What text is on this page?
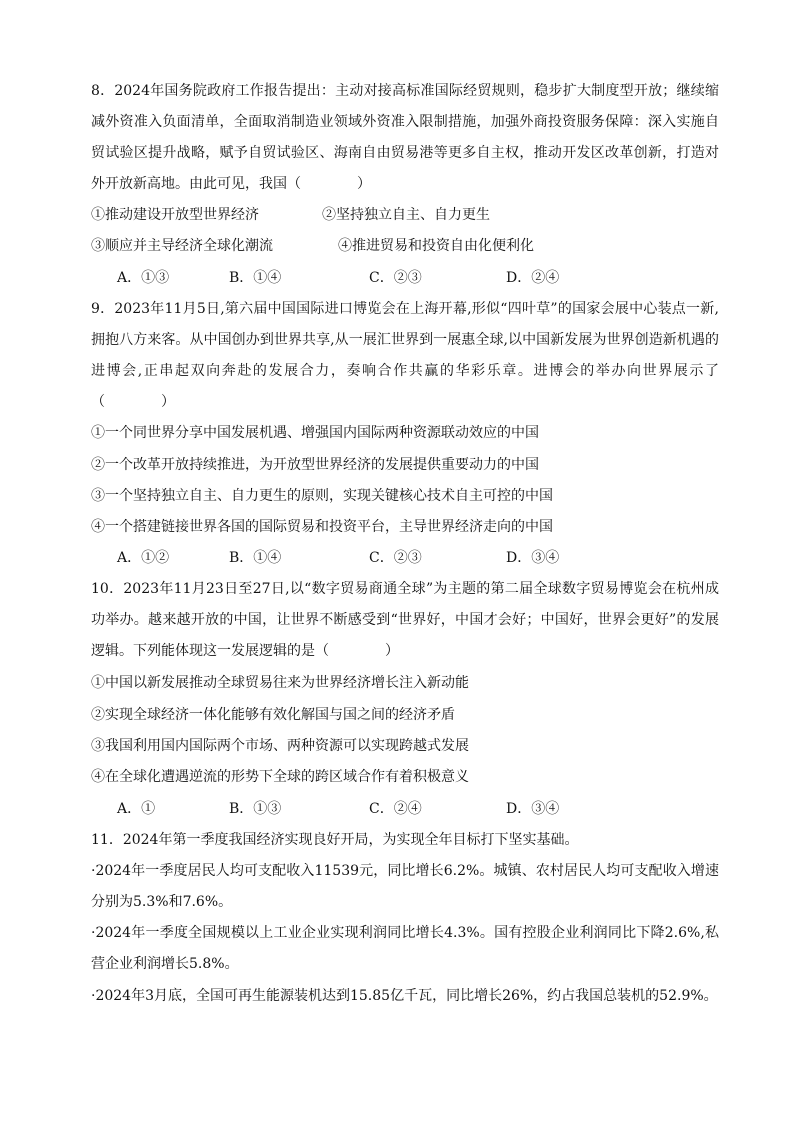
8．2024年国务院政府工作报告提出：主动对接高标准国际经贸规则，稳步扩大制度型开放；继续缩减外资准入负面清单，全面取消制造业领域外资准入限制措施，加强外商投资服务保障：深入实施自贸试验区提升战略，赋予自贸试验区、海南自由贸易港等更多自主权，推动开发区改革创新，打造对外开放新高地。由此可见，我国（　　　　）

①推动建设开放型世界经济	②坚持独立自主、自力更生

③顺应并主导经济全球化潮流	④推进贸易和投资自由化便利化

A．①③	B．①④	C．②③	D．②④

9．2023年11月5日,第六届中国国际进口博览会在上海开幕,形似“四叶草”的国家会展中心装点一新,拥抱八方来客。从中国创办到世界共享,从一展汇世界到一展惠全球,以中国新发展为世界创造新机遇的进博会,正串起双向奔赴的发展合力，奏响合作共赢的华彩乐章。进博会的举办向世界展示了（　　　　）

①一个同世界分享中国发展机遇、增强国内国际两种资源联动效应的中国

②一个改革开放持续推进，为开放型世界经济的发展提供重要动力的中国

③一个坚持独立自主、自力更生的原则，实现关键核心技术自主可控的中国

④一个搭建链接世界各国的国际贸易和投资平台，主导世界经济走向的中国

A．①②	B．①④	C．②③	D．③④

10．2023年11月23日至27日,以“数字贸易商通全球”为主题的第二届全球数字贸易博览会在杭州成功举办。越来越开放的中国，让世界不断感受到“世界好，中国才会好；中国好，世界会更好”的发展逻辑。下列能体现这一发展逻辑的是（　　　　）

①中国以新发展推动全球贸易往来为世界经济增长注入新动能

②实现全球经济一体化能够有效化解国与国之间的经济矛盾

③我国利用国内国际两个市场、两种资源可以实现跨越式发展

④在全球化遭遇逆流的形势下全球的跨区域合作有着积极意义

A．①	B．①③	C．②④	D．③④

11．2024年第一季度我国经济实现良好开局，为实现全年目标打下坚实基础。

·2024年一季度居民人均可支配收入11539元，同比增长6.2%。城镇、农村居民人均可支配收入增速分别为5.3%和7.6%。

·2024年一季度全国规模以上工业企业实现利润同比增长4.3%。国有控股企业利润同比下降2.6%,私营企业利润增长5.8%。

·2024年3月底，全国可再生能源装机达到15.85亿千瓦，同比增长26%，约占我国总装机的52.9%。
